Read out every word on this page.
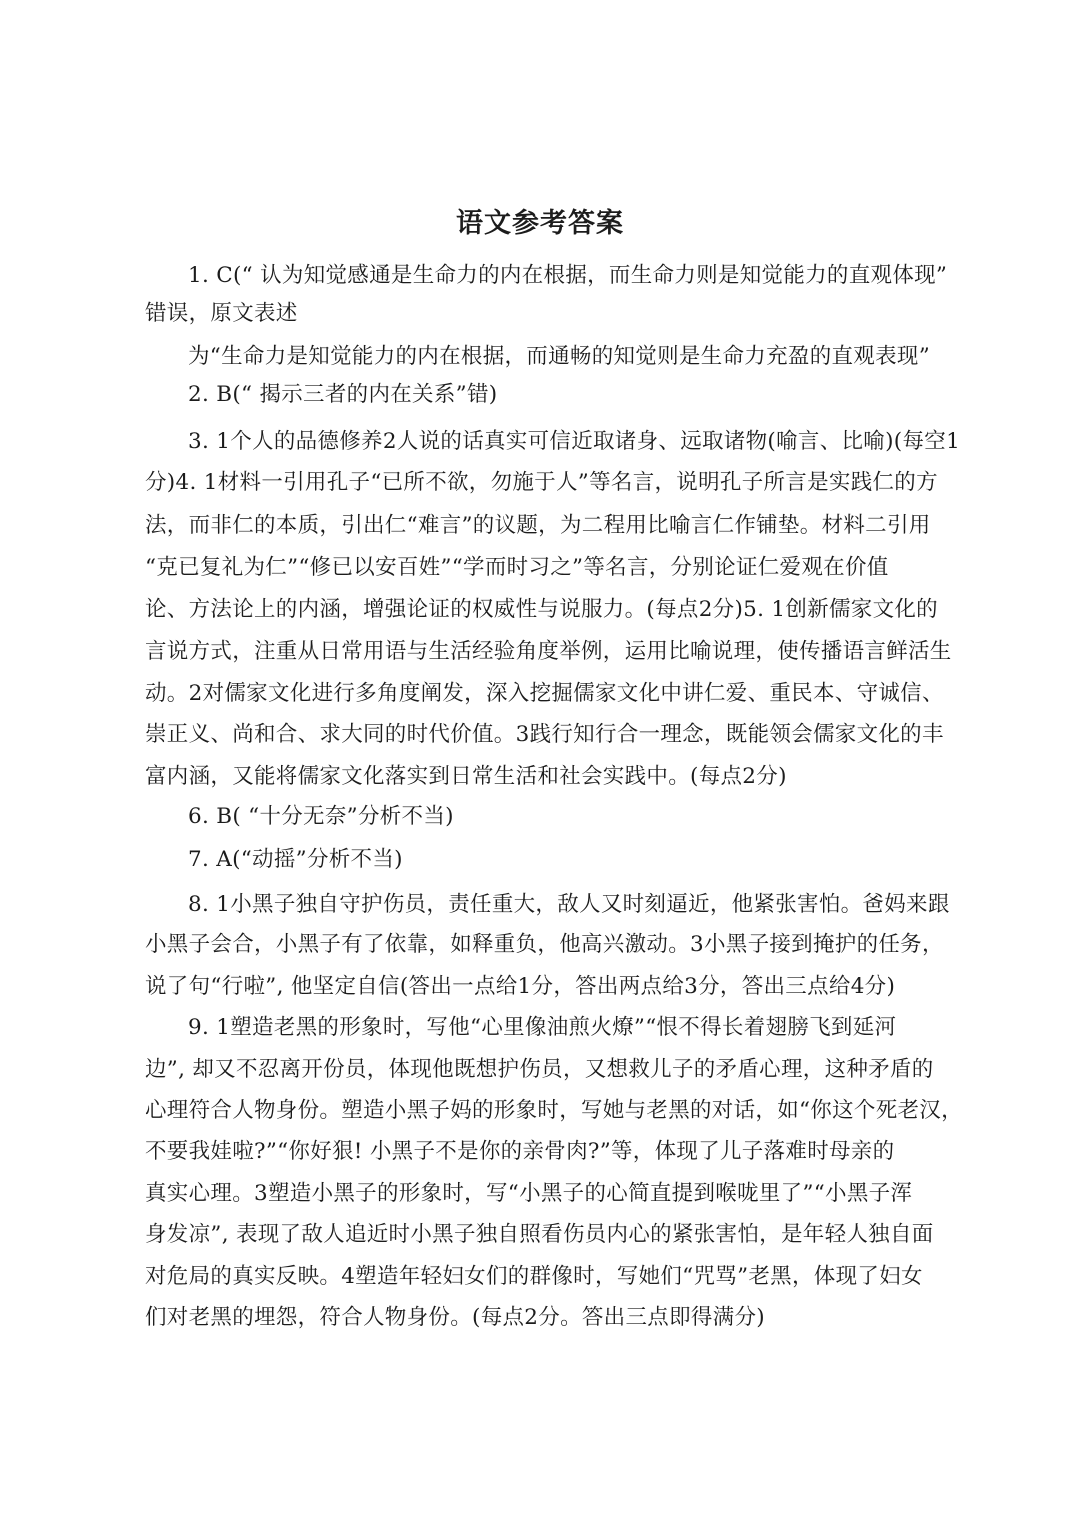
语文参考答案
1. C(“ 认为知觉感通是生命力的内在根据，而生命力则是知觉能力的直观体现”
错误，原文表述
为“生命力是知觉能力的内在根据，而通畅的知觉则是生命力充盈的直观表现”
2. B(“ 揭示三者的内在关系”错)
3. 1个人的品德修养2人说的话真实可信近取诸身、远取诸物(喻言、比喻)(每空1
分)4. 1材料一引用孔子“已所不欲，勿施于人”等名言，说明孔子所言是实践仁的方
法，而非仁的本质，引出仁“难言”的议题，为二程用比喻言仁作铺垫。材料二引用
“克已复礼为仁”“修已以安百姓”“学而时习之”等名言，分别论证仁爱观在价值
论、方法论上的内涵，增强论证的权威性与说服力。(每点2分)5. 1创新儒家文化的
言说方式，注重从日常用语与生活经验角度举例，运用比喻说理，使传播语言鲜活生
动。2对儒家文化进行多角度阐发，深入挖掘儒家文化中讲仁爱、重民本、守诚信、
崇正义、尚和合、求大同的时代价值。3践行知行合一理念，既能领会儒家文化的丰
富内涵，又能将儒家文化落实到日常生活和社会实践中。(每点2分)
6. B( “十分无奈”分析不当)
7. A(“动摇”分析不当)
8. 1小黑子独自守护伤员，责任重大，敌人又时刻逼近，他紧张害怕。爸妈来跟
小黑子会合，小黑子有了依靠，如释重负，他高兴激动。3小黑子接到掩护的任务，
说了句“行啦”, 他坚定自信(答出一点给1分，答出两点给3分，答出三点给4分)
9. 1塑造老黑的形象时，写他“心里像油煎火燎”“恨不得长着翅膀飞到延河
边”, 却又不忍离开份员，体现他既想护伤员，又想救儿子的矛盾心理，这种矛盾的
心理符合人物身份。塑造小黑子妈的形象时，写她与老黑的对话，如“你这个死老汉，
不要我娃啦?”“你好狠! 小黑子不是你的亲骨肉?”等，体现了儿子落难时母亲的
真实心理。3塑造小黑子的形象时，写“小黑子的心简直提到喉咙里了”“小黑子浑
身发凉”, 表现了敌人追近时小黑子独自照看伤员内心的紧张害怕，是年轻人独自面
对危局的真实反映。4塑造年轻妇女们的群像时，写她们“咒骂”老黑，体现了妇女
们对老黑的埋怨，符合人物身份。(每点2分。答出三点即得满分)
